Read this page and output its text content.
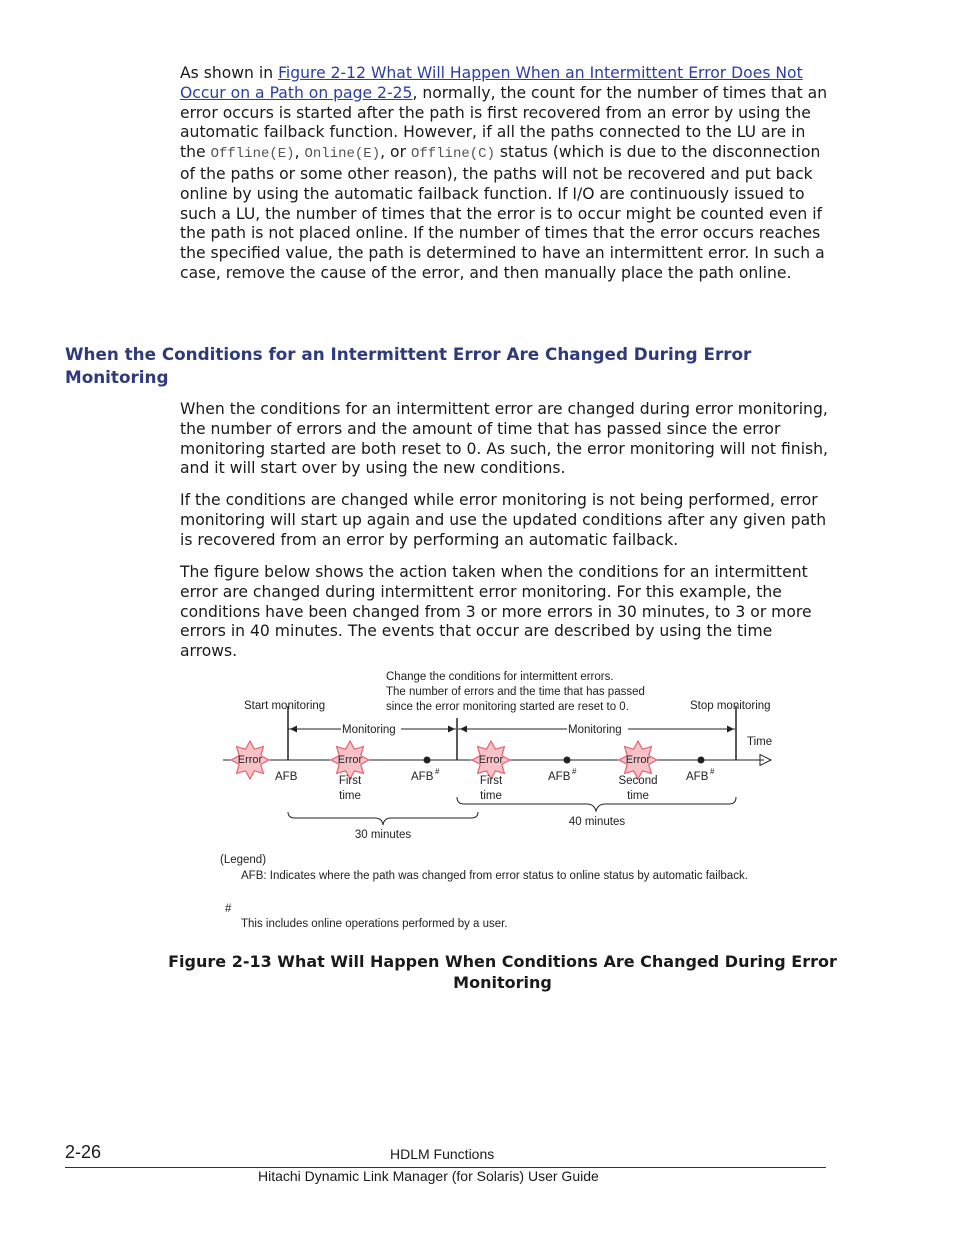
As shown in Figure 2-12 What Will Happen When an Intermittent Error Does Not Occur on a Path on page 2-25, normally, the count for the number of times that an error occurs is started after the path is first recovered from an error by using the automatic failback function. However, if all the paths connected to the LU are in the Offline(E), Online(E), or Offline(C) status (which is due to the disconnection of the paths or some other reason), the paths will not be recovered and put back online by using the automatic failback function. If I/O are continuously issued to such a LU, the number of times that the error is to occur might be counted even if the path is not placed online. If the number of times that the error occurs reaches the specified value, the path is determined to have an intermittent error. In such a case, remove the cause of the error, and then manually place the path online.

When the Conditions for an Intermittent Error Are Changed During Error Monitoring

When the conditions for an intermittent error are changed during error monitoring, the number of errors and the amount of time that has passed since the error monitoring started are both reset to 0. As such, the error monitoring will not finish, and it will start over by using the new conditions.

If the conditions are changed while error monitoring is not being performed, error monitoring will start up again and use the updated conditions after any given path is recovered from an error by performing an automatic failback.

The figure below shows the action taken when the conditions for an intermittent error are changed during intermittent error monitoring. For this example, the conditions have been changed from 3 or more errors in 30 minutes, to 3 or more errors in 40 minutes. The events that occur are described by using the time arrows.

Change the conditions for intermittent errors.
The number of errors and the time that has passed
since the error monitoring started are reset to 0.
Start monitoring	Stop monitoring
Monitoring	Monitoring
Time
Error	Error	Error	Error
AFB	AFB #	AFB #	AFB #
First
time
First
time
Second
time
30 minutes
40 minutes
(Legend)
AFB: Indicates where the path was changed from error status to online status by automatic failback.
#
This includes online operations performed by a user.
Figure 2-13 What Will Happen When Conditions Are Changed During Error
Monitoring
2-26	HDLM Functions
Hitachi Dynamic Link Manager (for Solaris) User Guide
